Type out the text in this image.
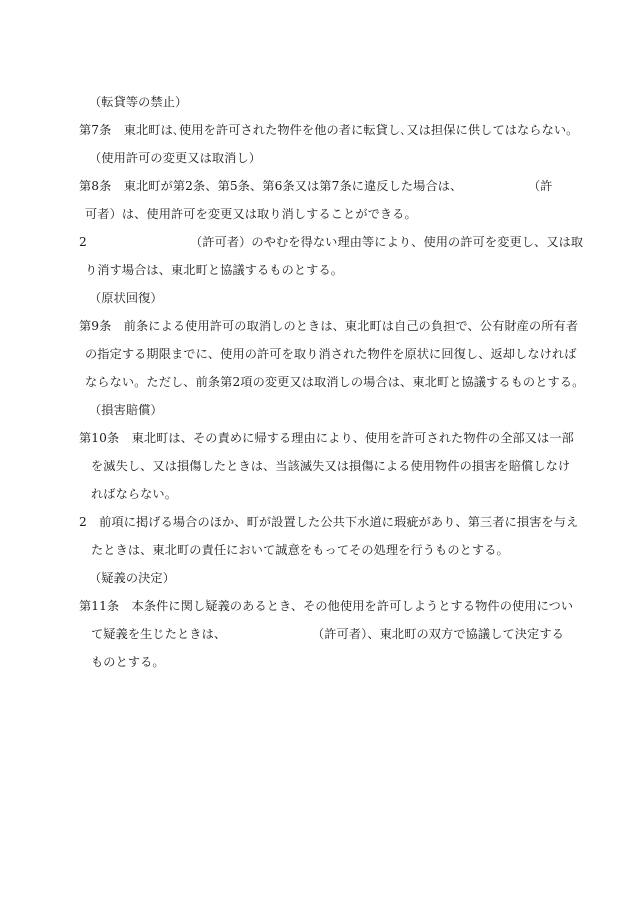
（転貸等の禁止）
第7条　東北町は､使用を許可された物件を他の者に転貸し､又は担保に供してはならない。
（使用許可の変更又は取消し）
第8条　東北町が第2条、第5条、第6条又は第7条に違反した場合は、	（許
可者）は、使用許可を変更又は取り消しすることができる。
2	（許可者）のやむを得ない理由等により、使用の許可を変更し、又は取
り消す場合は、東北町と協議するものとする。
（原状回復）
第9条　前条による使用許可の取消しのときは、東北町は自己の負担で、公有財産の所有者
の指定する期限までに、使用の許可を取り消された物件を原状に回復し、返却しなければ
ならない。ただし、前条第2項の変更又は取消しの場合は、東北町と協議するものとする。
（損害賠償）
第10条　東北町は、その責めに帰する理由により、使用を許可された物件の全部又は一部
を滅失し、又は損傷したときは、当該滅失又は損傷による使用物件の損害を賠償しなけ
ればならない。
2　前項に掲げる場合のほか、町が設置した公共下水道に瑕疵があり、第三者に損害を与え
たときは、東北町の責任において誠意をもってその処理を行うものとする。
（疑義の決定）
第11条　本条件に関し疑義のあるとき、その他使用を許可しようとする物件の使用につい
て疑義を生じたときは、	（許可者）、東北町の双方で協議して決定する
ものとする。
